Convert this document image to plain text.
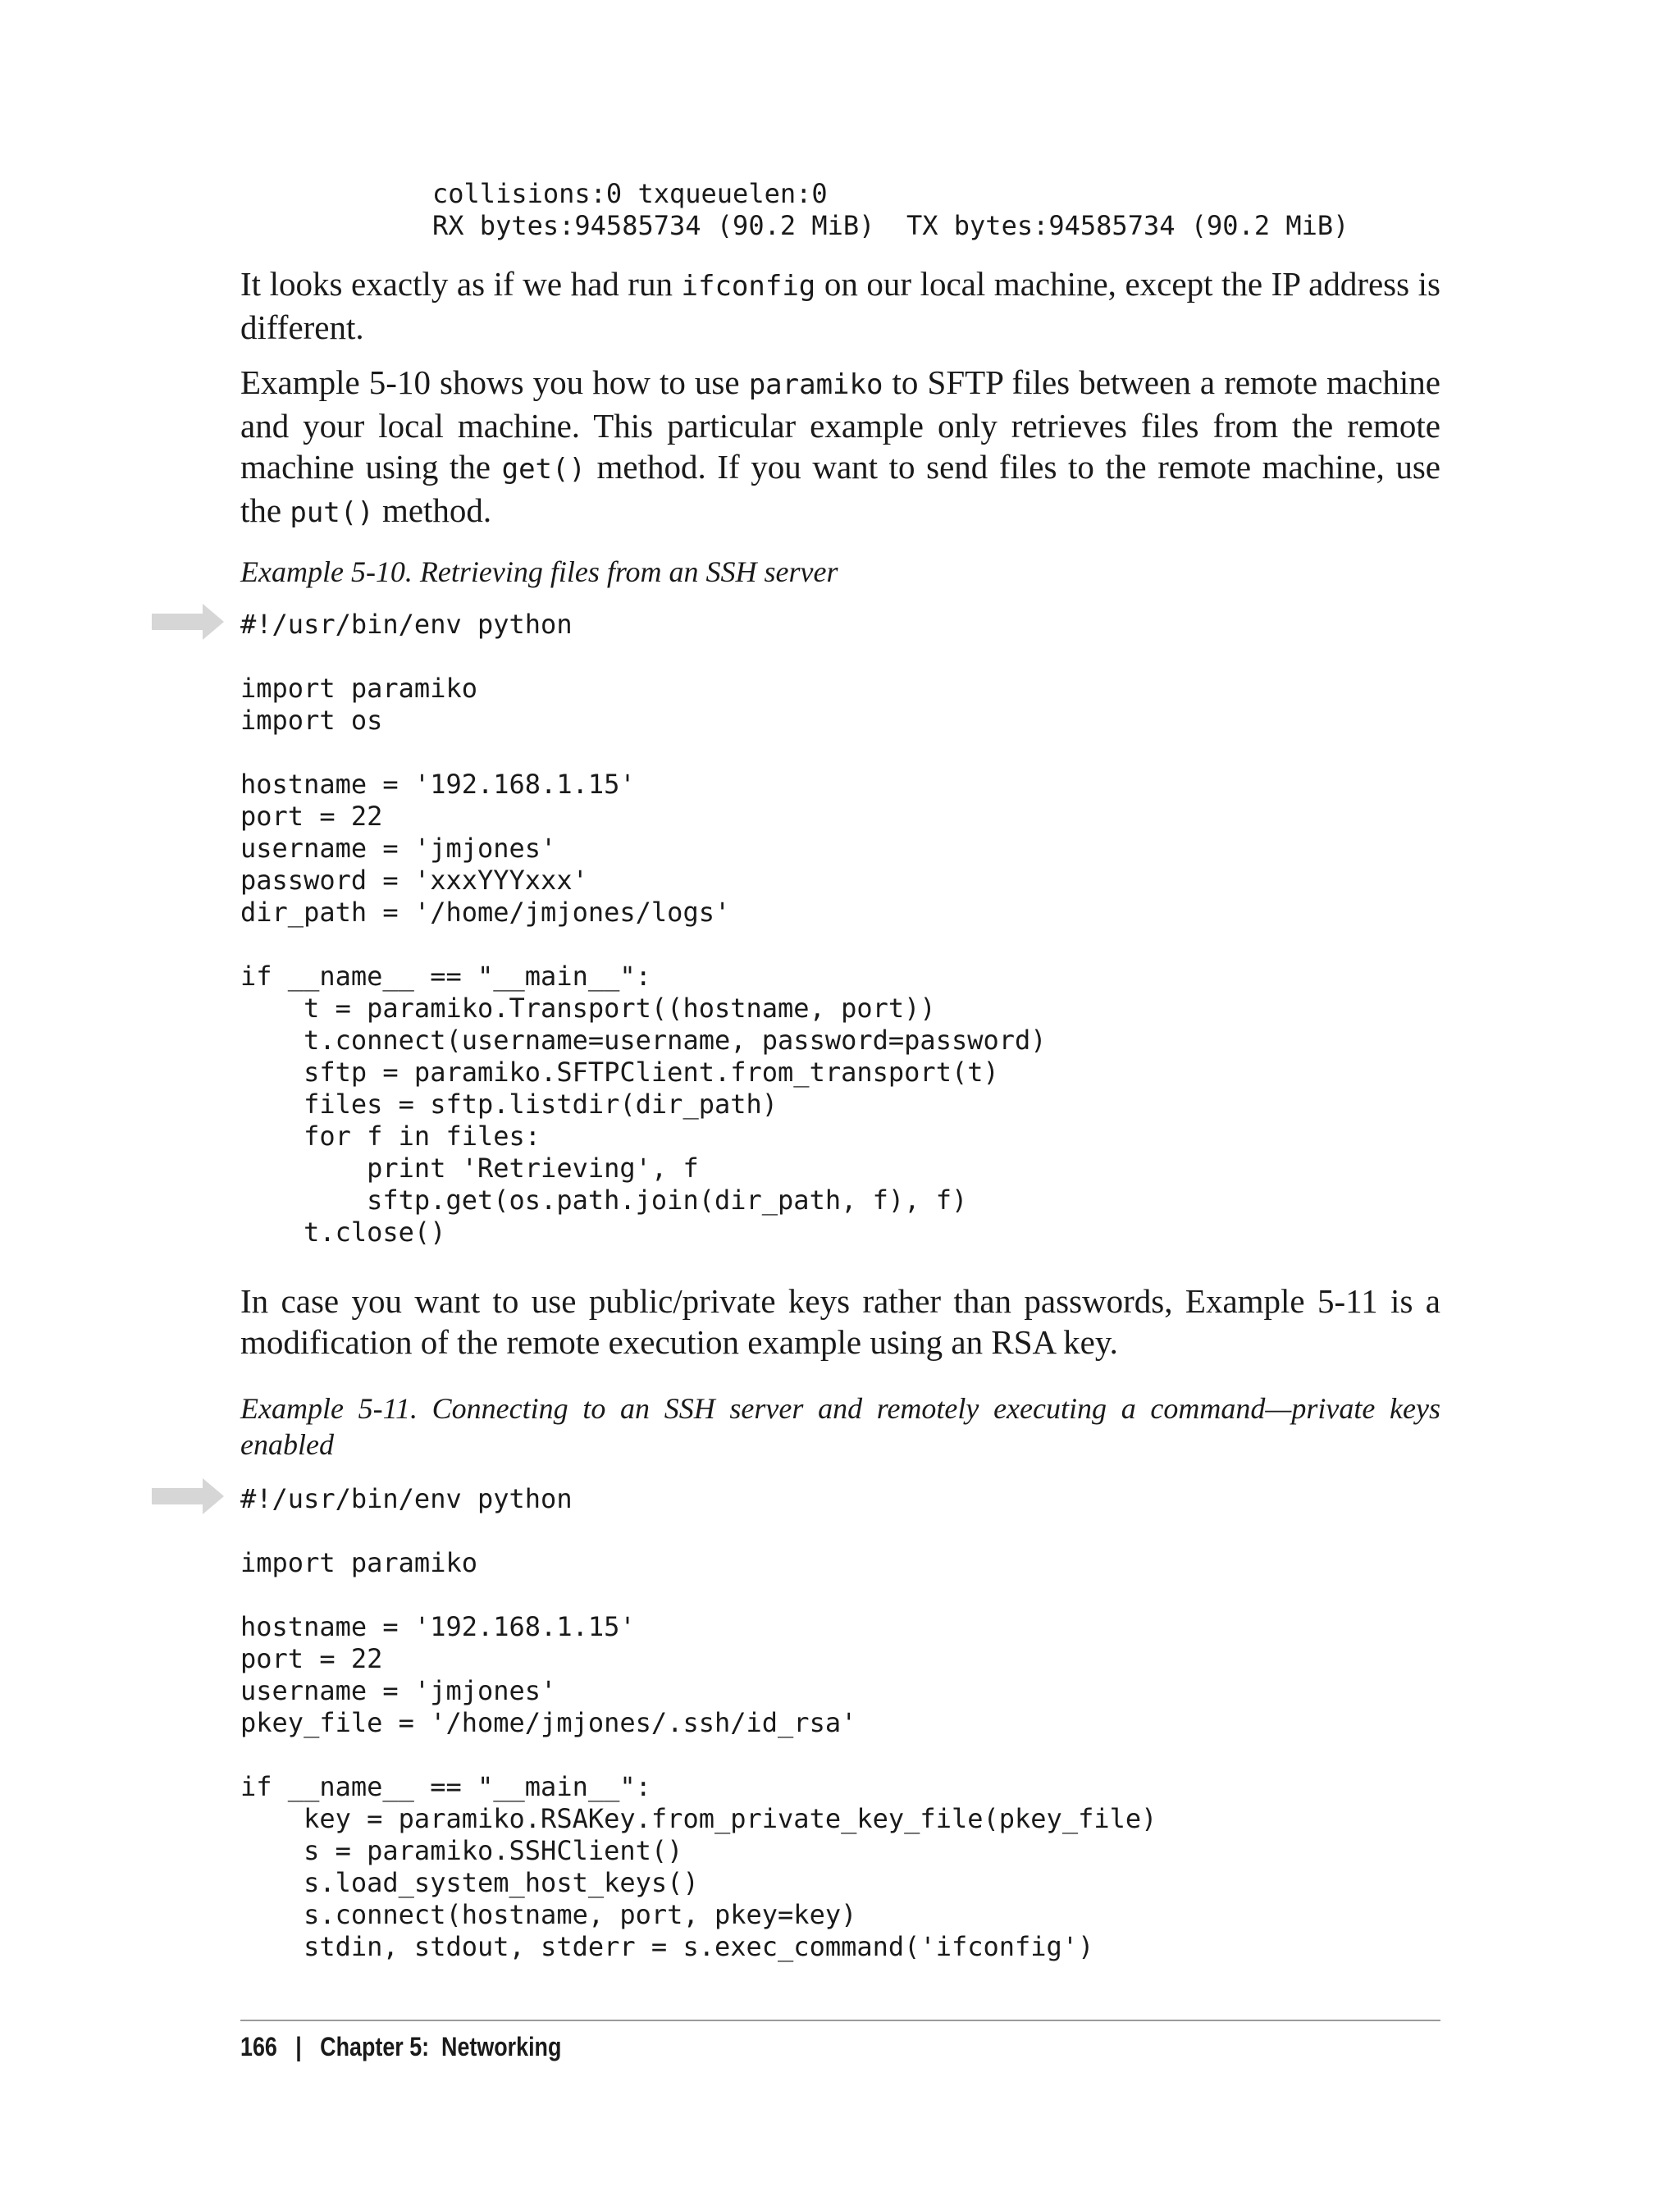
collisions:0 txqueuelen:0
RX bytes:94585734 (90.2 MiB)  TX bytes:94585734 (90.2 MiB)

It looks exactly as if we had run ifconfig on our local machine, except the IP address is different.

Example 5-10 shows you how to use paramiko to SFTP files between a remote machine and your local machine. This particular example only retrieves files from the remote machine using the get() method. If you want to send files to the remote machine, use the put() method.

Example 5-10. Retrieving files from an SSH server

#!/usr/bin/env python

import paramiko
import os

hostname = '192.168.1.15'
port = 22
username = 'jmjones'
password = 'xxxYYYxxx'
dir_path = '/home/jmjones/logs'

if __name__ == "__main__":
t = paramiko.Transport((hostname, port))
t.connect(username=username, password=password)
sftp = paramiko.SFTPClient.from_transport(t)
files = sftp.listdir(dir_path)
for f in files:
print 'Retrieving', f
sftp.get(os.path.join(dir_path, f), f)
t.close()

In case you want to use public/private keys rather than passwords, Example 5-11 is a modification of the remote execution example using an RSA key.

Example 5-11. Connecting to an SSH server and remotely executing a command—private keys enabled

#!/usr/bin/env python

import paramiko

hostname = '192.168.1.15'
port = 22
username = 'jmjones'
pkey_file = '/home/jmjones/.ssh/id_rsa'

if __name__ == "__main__":
key = paramiko.RSAKey.from_private_key_file(pkey_file)
s = paramiko.SSHClient()
s.load_system_host_keys()
s.connect(hostname, port, pkey=key)
stdin, stdout, stderr = s.exec_command('ifconfig')
166 | Chapter 5:  Networking
